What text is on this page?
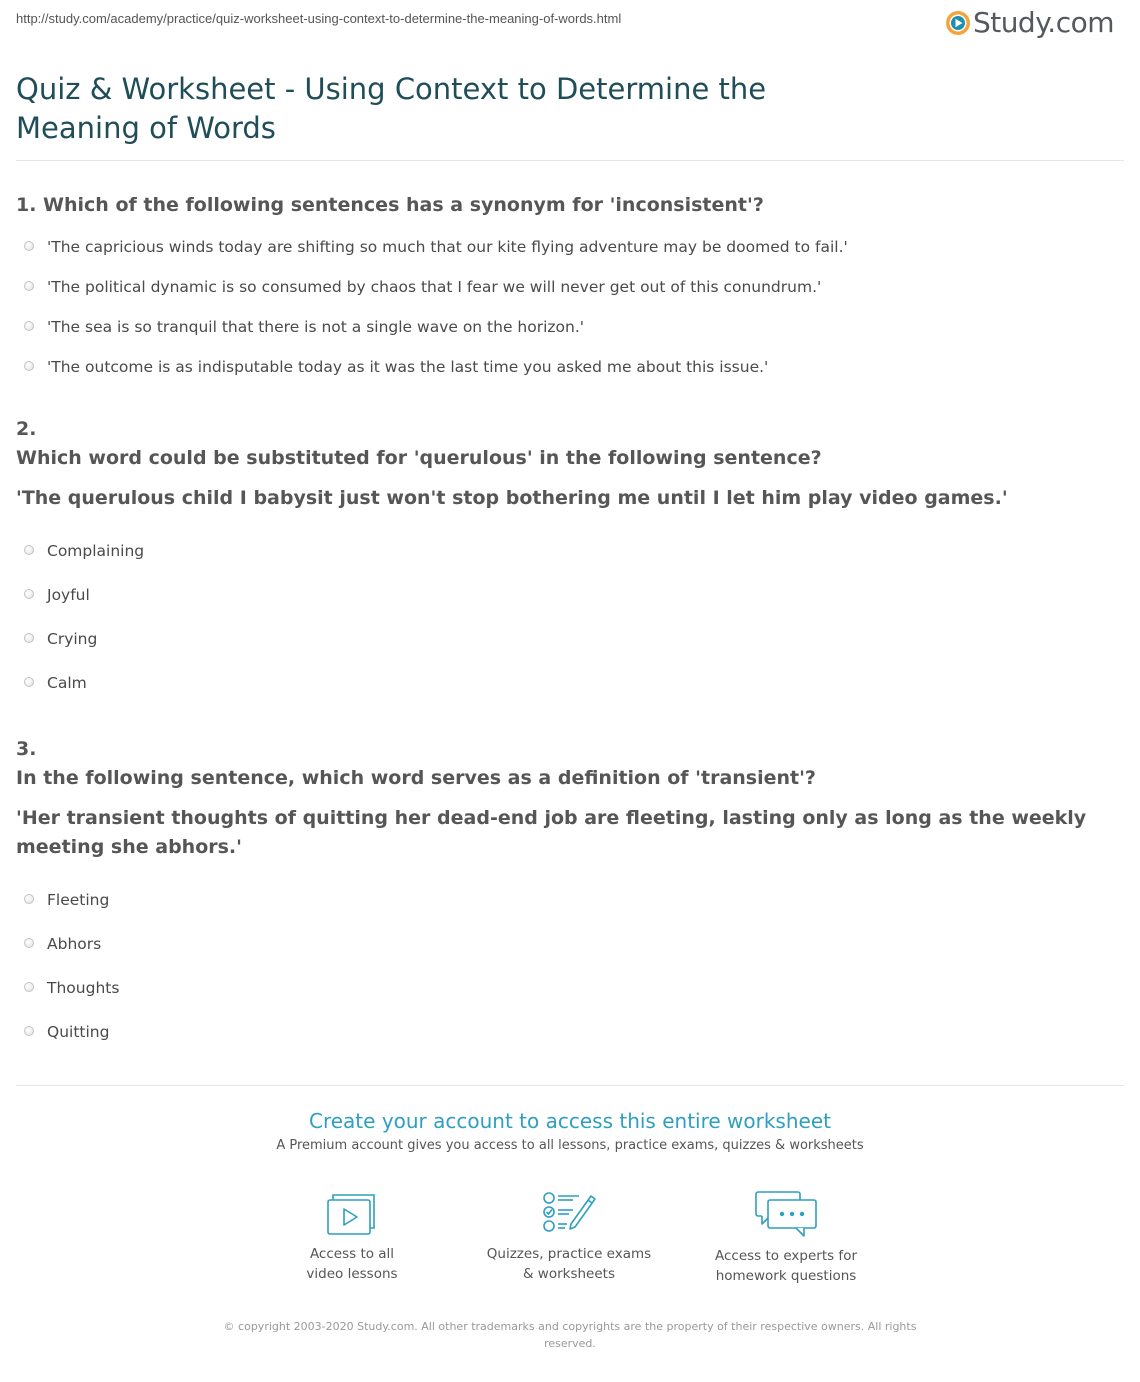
http://study.com/academy/practice/quiz-worksheet-using-context-to-determine-the-meaning-of-words.html	Study.com
Quiz & Worksheet - Using Context to Determine the Meaning of Words
1. Which of the following sentences has a synonym for 'inconsistent'?
'The capricious winds today are shifting so much that our kite flying adventure may be doomed to fail.'
'The political dynamic is so consumed by chaos that I fear we will never get out of this conundrum.'
'The sea is so tranquil that there is not a single wave on the horizon.'
'The outcome is as indisputable today as it was the last time you asked me about this issue.'
2.
Which word could be substituted for 'querulous' in the following sentence?
'The querulous child I babysit just won't stop bothering me until I let him play video games.'
Complaining
Joyful
Crying
Calm
3.
In the following sentence, which word serves as a definition of 'transient'?
'Her transient thoughts of quitting her dead-end job are fleeting, lasting only as long as the weekly meeting she abhors.'
Fleeting
Abhors
Thoughts
Quitting
Create your account to access this entire worksheet
A Premium account gives you access to all lessons, practice exams, quizzes & worksheets
Access to all
video lessons
Quizzes, practice exams
& worksheets
Access to experts for
homework questions
© copyright 2003-2020 Study.com. All other trademarks and copyrights are the property of their respective owners. All rights reserved.
